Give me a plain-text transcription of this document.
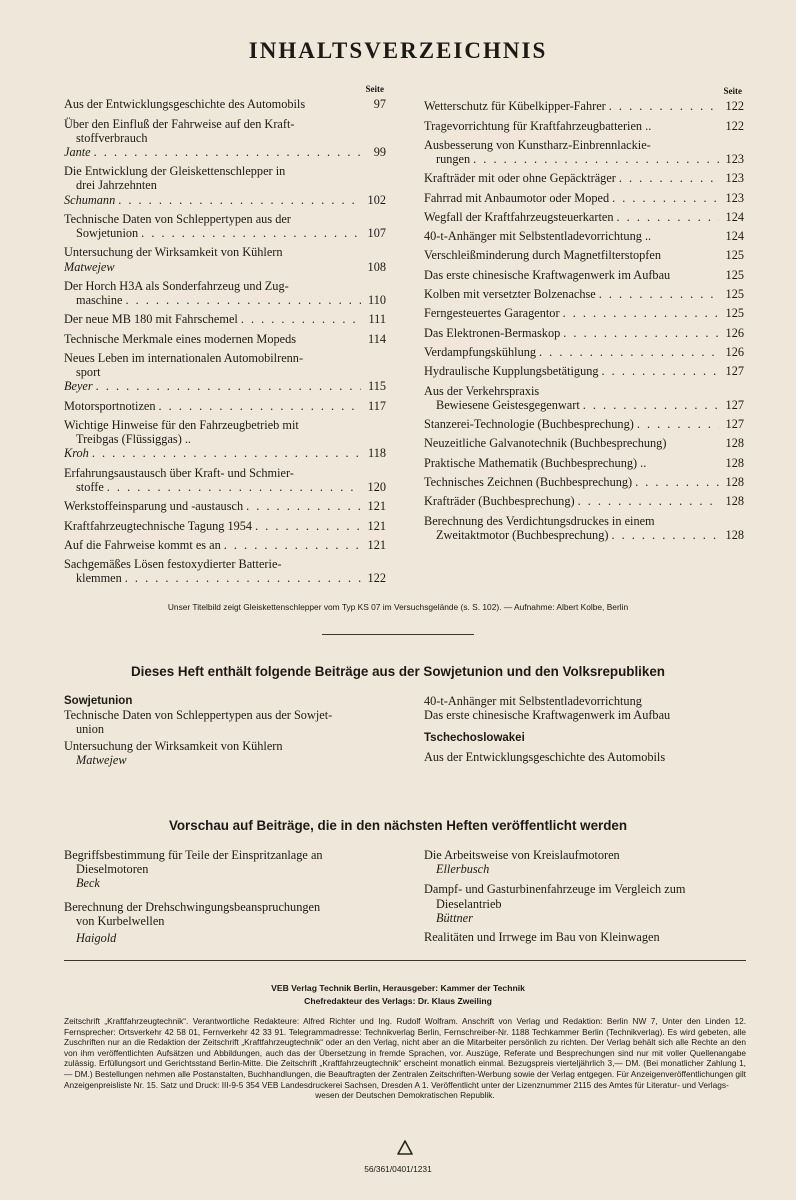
INHALTSVERZEICHNIS
Seite
Aus der Entwicklungsgeschichte des Automobils	97
Über den Einfluß der Fahrweise auf den Kraft-
stoffverbrauch
Jante . . .	99
Die Entwicklung der Gleiskettenschlepper in
drei Jahrzehnten
Schumann . . .	102
Technische Daten von Schleppertypen aus der
Sowjetunion . . .	107
Untersuchung der Wirksamkeit von Kühlern
Matwejew	108
Der Horch H3A als Sonderfahrzeug und Zug-
maschine . . .	110
Der neue MB 180 mit Fahrschemel . . .	111
Technische Merkmale eines modernen Mopeds	114
Neues Leben im internationalen Automobilrenn-
sport
Beyer . . .	115
Motorsportnotizen . . .	117
Wichtige Hinweise für den Fahrzeugbetrieb mit
Treibgas (Flüssiggas) ..
Kroh . . .	118
Erfahrungsaustausch über Kraft- und Schmier-
stoffe . . .	120
Werkstoffeinsparung und -austausch . . .	121
Kraftfahrzeugtechnische Tagung 1954 . . .	121
Auf die Fahrweise kommt es an . . .	121
Sachgemäßes Lösen festoxydierter Batterie-
klemmen . . .	122
Seite
Wetterschutz für Kübelkipper-Fahrer . . .	122
Tragevorrichtung für Kraftfahrzeugbatterien ..	122
Ausbesserung von Kunstharz-Einbrennlackie-
rungen . . .	123
Krafträder mit oder ohne Gepäckträger . . .	123
Fahrrad mit Anbaumotor oder Moped . . .	123
Wegfall der Kraftfahrzeugsteuerkarten . . .	124
40-t-Anhänger mit Selbstentladevorrichtung ..	124
Verschleißminderung durch Magnetfilterstopfen	125
Das erste chinesische Kraftwagenwerk im Aufbau	125
Kolben mit versetzter Bolzenachse . . .	125
Ferngesteuertes Garagentor . . .	125
Das Elektronen-Bermaskop . . .	126
Verdampfungskühlung . . .	126
Hydraulische Kupplungsbetätigung . . .	127
Aus der Verkehrspraxis
Bewiesene Geistesgegenwart . . .	127
Stanzerei-Technologie (Buchbesprechung) . . .	127
Neuzeitliche Galvanotechnik (Buchbesprechung)	128
Praktische Mathematik (Buchbesprechung) ..	128
Technisches Zeichnen (Buchbesprechung) . . .	128
Krafträder (Buchbesprechung) . . .	128
Berechnung des Verdichtungsdruckes in einem
Zweitaktmotor (Buchbesprechung) . . .	128
Unser Titelbild zeigt Gleiskettenschlepper vom Typ KS 07 im Versuchsgelände (s. S. 102). — Aufnahme: Albert Kolbe, Berlin
Dieses Heft enthält folgende Beiträge aus der Sowjetunion und den Volksrepubliken
Sowjetunion
Technische Daten von Schleppertypen aus der Sowjet-
union
Untersuchung der Wirksamkeit von Kühlern
Matwejew
40-t-Anhänger mit Selbstentladevorrichtung
Das erste chinesische Kraftwagenwerk im Aufbau
Tschechoslowakei
Aus der Entwicklungsgeschichte des Automobils
Vorschau auf Beiträge, die in den nächsten Heften veröffentlicht werden
Begriffsbestimmung für Teile der Einspritzanlage an
Dieselmotoren
Beck
Berechnung der Drehschwingungsbeanspruchungen
von Kurbelwellen
Haigold
Die Arbeitsweise von Kreislaufmotoren
Ellerbusch
Dampf- und Gasturbinenfahrzeuge im Vergleich zum
Dieselantrieb
Büttner
Realitäten und Irrwege im Bau von Kleinwagen
VEB Verlag Technik Berlin, Herausgeber: Kammer der Technik
Chefredakteur des Verlags: Dr. Klaus Zweiling
Zeitschrift „Kraftfahrzeugtechnik“. Verantwortliche Redakteure: Alfred Richter und Ing. Rudolf Wolfram. Anschrift von Verlag und Redaktion: Berlin NW 7, Unter den Linden 12. Fernsprecher: Ortsverkehr 42 58 01, Fernverkehr 42 33 91. Telegrammadresse: Technikverlag Berlin, Fernschreiber-Nr. 1188 Techkammer Berlin (Technikverlag). Es wird gebeten, alle Zuschriften nur an die Redaktion der Zeitschrift „Kraftfahrzeugtechnik“ oder an den Verlag, nicht aber an die Mitarbeiter persönlich zu richten. Der Verlag behält sich alle Rechte an den von ihm veröffentlichten Aufsätzen und Abbildungen, auch das der Übersetzung in fremde Sprachen, vor. Auszüge, Referate und Besprechungen sind nur mit voller Quellenangabe zulässig. Erfüllungsort und Gerichtsstand Berlin-Mitte. Die Zeitschrift „Kraftfahrzeugtechnik“ erscheint monatlich einmal. Bezugspreis vierteljährlich 3,— DM. (Bei monatlicher Zahlung 1,— DM.) Bestellungen nehmen alle Postanstalten, Buchhandlungen, die Beauftragten der Zentralen Zeitschriften-Werbung sowie der Verlag entgegen. Für Anzeigenveröffentlichungen gilt Anzeigenpreisliste Nr. 15. Satz und Druck: III-9-5 354 VEB Landesdruckerei Sachsen, Dresden A 1. Veröffentlicht unter der Lizenznummer 2115 des Amtes für Literatur- und Verlags-
wesen der Deutschen Demokratischen Republik.
56/361/0401/1231
